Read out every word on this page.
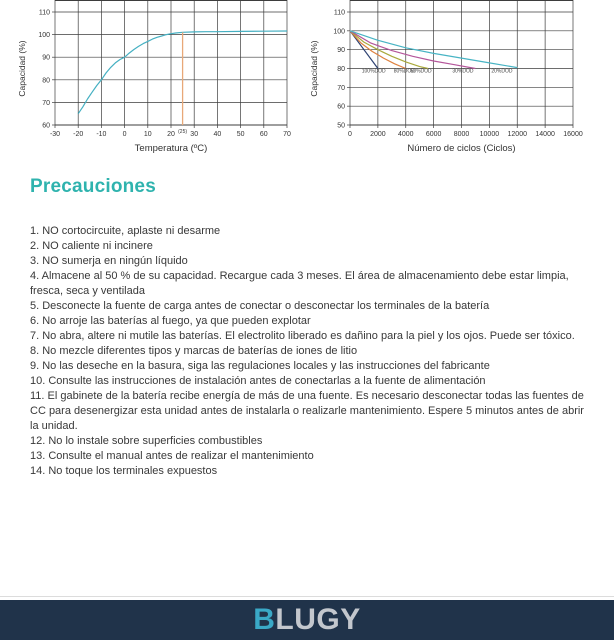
-30 -20 -10 0 10 20 30 40 50 60 70
60
70
80
90
100
110
(25)
Temperatura (ºC)
Capacidad (%)
0	2000 4000 6000 8000 10000 12000 14000 16000
50
60
70
80
90
100
110
100%DOD 80%DOD
50%DOD	30%DOD	20%DOD
Número de ciclos (Ciclos)
Capacidad (%)
Precauciones
1. NO cortocircuite, aplaste ni desarme
2. NO caliente ni incinere
3. NO sumerja en ningún líquido
4. Almacene al 50 % de su capacidad. Recargue cada 3 meses. El área de almacenamiento debe estar limpia, fresca, seca y ventilada
5. Desconecte la fuente de carga antes de conectar o desconectar los terminales de la batería
6. No arroje las baterías al fuego, ya que pueden explotar
7. No abra, altere ni mutile las baterías. El electrolito liberado es dañino para la piel y los ojos. Puede ser tóxico.
8. No mezcle diferentes tipos y marcas de baterías de iones de litio
9. No las deseche en la basura, siga las regulaciones locales y las instrucciones del fabricante
10. Consulte las instrucciones de instalación antes de conectarlas a la fuente de alimentación
11. El gabinete de la batería recibe energía de más de una fuente. Es necesario desconectar todas las fuentes de CC para desenergizar esta unidad antes de instalarla o realizarle mantenimiento. Espere 5 minutos antes de abrir la unidad.
12. No lo instale sobre superficies combustibles
13. Consulte el manual antes de realizar el mantenimiento
14. No toque los terminales expuestos
BLUGY
